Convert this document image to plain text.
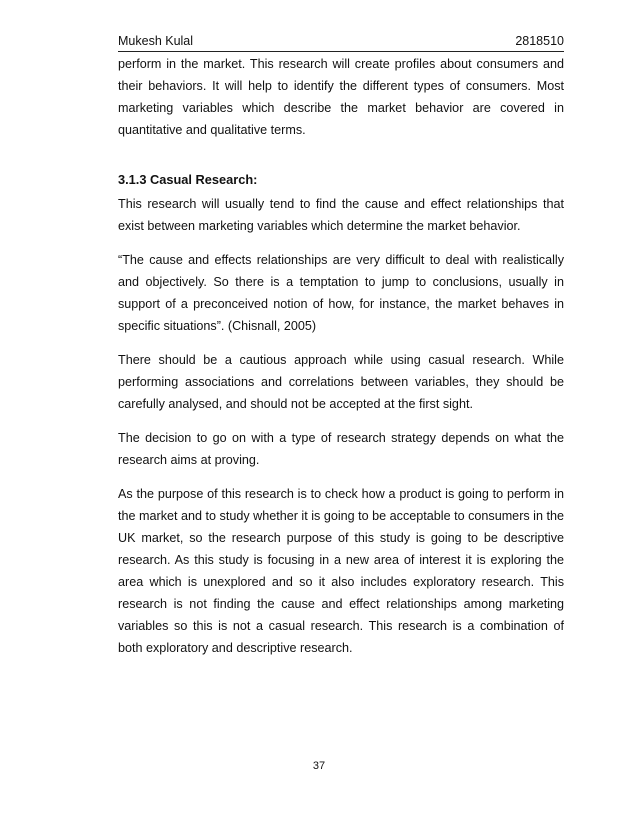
Mukesh Kulal	2818510

perform in the market. This research will create profiles about consumers and their behaviors. It will help to identify the different types of consumers. Most marketing variables which describe the market behavior are covered in quantitative and qualitative terms.

3.1.3 Casual Research:

This research will usually tend to find the cause and effect relationships that exist between marketing variables which determine the market behavior.

“The cause and effects relationships are very difficult to deal with realistically and objectively. So there is a temptation to jump to conclusions, usually in support of a preconceived notion of how, for instance, the market behaves in specific situations”. (Chisnall, 2005)

There should be a cautious approach while using casual research. While performing associations and correlations between variables, they should be carefully analysed, and should not be accepted at the first sight.

The decision to go on with a type of research strategy depends on what the research aims at proving.

As the purpose of this research is to check how a product is going to perform in the market and to study whether it is going to be acceptable to consumers in the UK market, so the research purpose of this study is going to be descriptive research. As this study is focusing in a new area of interest it is exploring the area which is unexplored and so it also includes exploratory research. This research is not finding the cause and effect relationships among marketing variables so this is not a casual research. This research is a combination of both exploratory and descriptive research.

37
